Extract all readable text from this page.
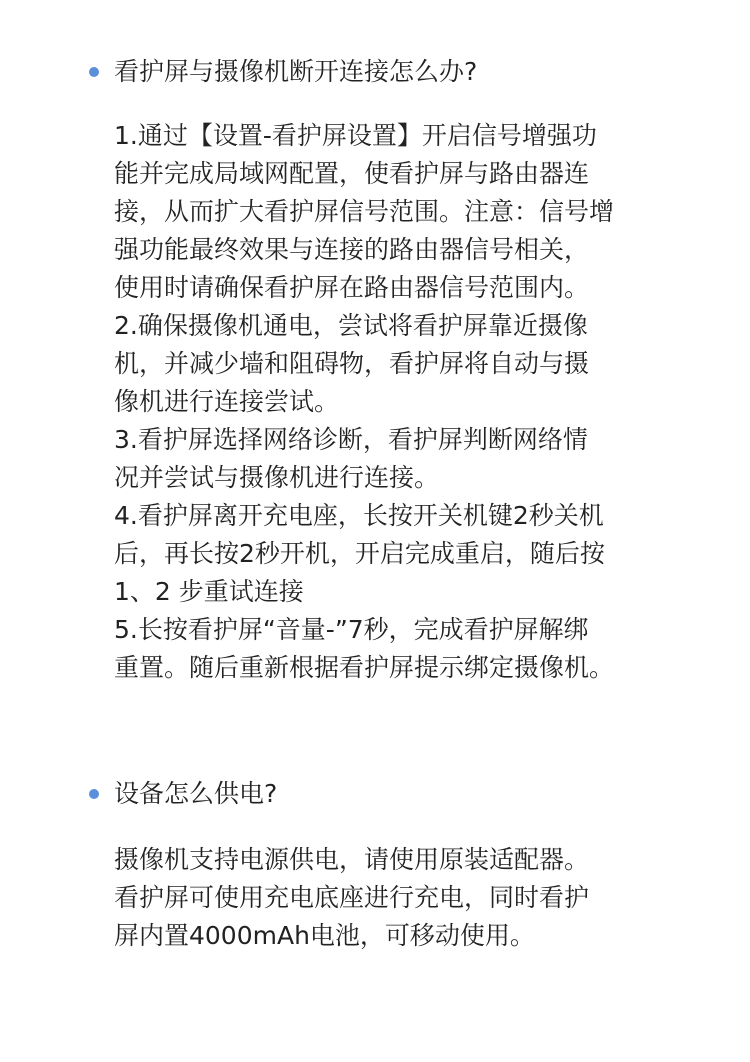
看护屏与摄像机断开连接怎么办?
1.通过【设置-看护屏设置】开启信号增强功
能并完成局域网配置，使看护屏与路由器连
接，从而扩大看护屏信号范围。注意：信号增
强功能最终效果与连接的路由器信号相关，
使用时请确保看护屏在路由器信号范围内。
2.确保摄像机通电，尝试将看护屏靠近摄像
机，并减少墙和阻碍物，看护屏将自动与摄
像机进行连接尝试。
3.看护屏选择网络诊断，看护屏判断网络情
况并尝试与摄像机进行连接。
4.看护屏离开充电座，长按开关机键2秒关机
后，再长按2秒开机，开启完成重启，随后按
1、2 步重试连接
5.长按看护屏“音量-”7秒，完成看护屏解绑
重置。随后重新根据看护屏提示绑定摄像机。
设备怎么供电?
摄像机支持电源供电，请使用原装适配器。
看护屏可使用充电底座进行充电，同时看护
屏内置4000mAh电池，可移动使用。
